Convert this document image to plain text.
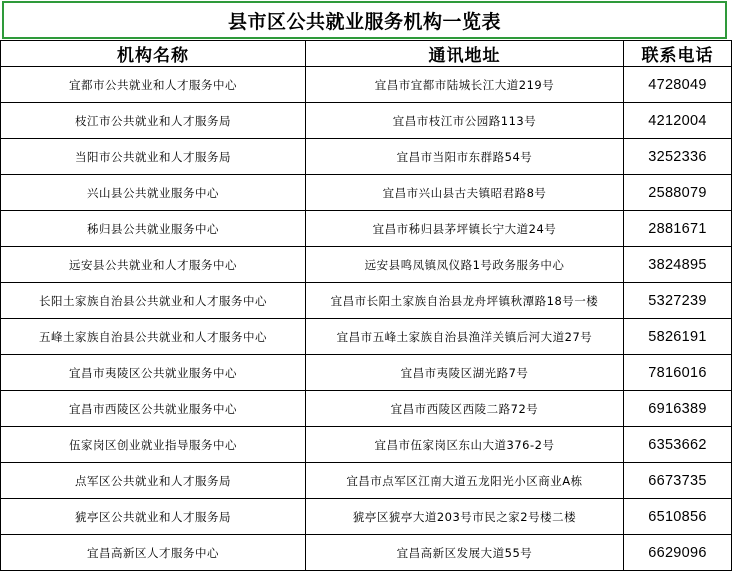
县市区公共就业服务机构一览表
机构名称	通讯地址	联系电话
宜都市公共就业和人才服务中心	宜昌市宜都市陆城长江大道219号	4728049
枝江市公共就业和人才服务局	宜昌市枝江市公园路113号	4212004
当阳市公共就业和人才服务局	宜昌市当阳市东群路54号	3252336
兴山县公共就业服务中心	宜昌市兴山县古夫镇昭君路8号	2588079
秭归县公共就业服务中心	宜昌市秭归县茅坪镇长宁大道24号	2881671
远安县公共就业和人才服务中心	远安县鸣凤镇凤仪路1号政务服务中心	3824895
长阳土家族自治县公共就业和人才服务中心	宜昌市长阳土家族自治县龙舟坪镇秋潭路18号一楼	5327239
五峰土家族自治县公共就业和人才服务中心	宜昌市五峰土家族自治县渔洋关镇后河大道27号	5826191
宜昌市夷陵区公共就业服务中心	宜昌市夷陵区湖光路7号	7816016
宜昌市西陵区公共就业服务中心	宜昌市西陵区西陵二路72号	6916389
伍家岗区创业就业指导服务中心	宜昌市伍家岗区东山大道376-2号	6353662
点军区公共就业和人才服务局	宜昌市点军区江南大道五龙阳光小区商业A栋	6673735
猇亭区公共就业和人才服务局	猇亭区猇亭大道203号市民之家2号楼二楼	6510856
宜昌高新区人才服务中心	宜昌高新区发展大道55号	6629096
